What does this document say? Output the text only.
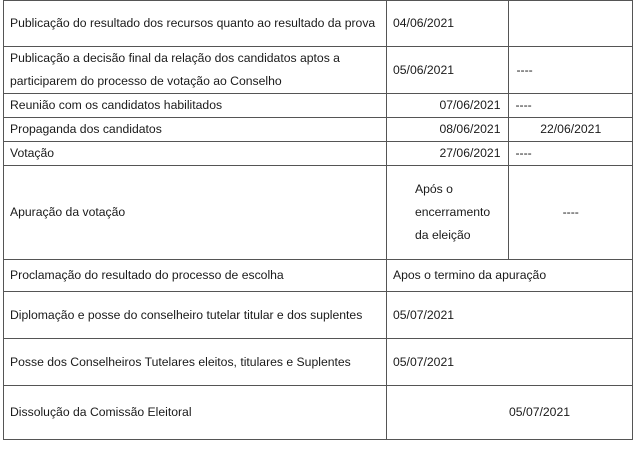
Publicação do resultado dos recursos quanto ao resultado da prova	04/06/2021	
Publicação a decisão final da relação dos candidatos aptos a participarem do processo de votação ao Conselho	05/06/2021	----
Reunião com os candidatos habilitados	07/06/2021	----
Propaganda dos candidatos	08/06/2021	22/06/2021
Votação	27/06/2021	----
Apuração da votação	Após o encerramento da eleição	----
Proclamação do resultado do processo de escolha	Apos o termino da apuração	
Diplomação e posse do conselheiro tutelar titular e dos suplentes	05/07/2021	
Posse dos Conselheiros Tutelares eleitos, titulares e Suplentes	05/07/2021	
Dissolução da Comissão Eleitoral	05/07/2021	
